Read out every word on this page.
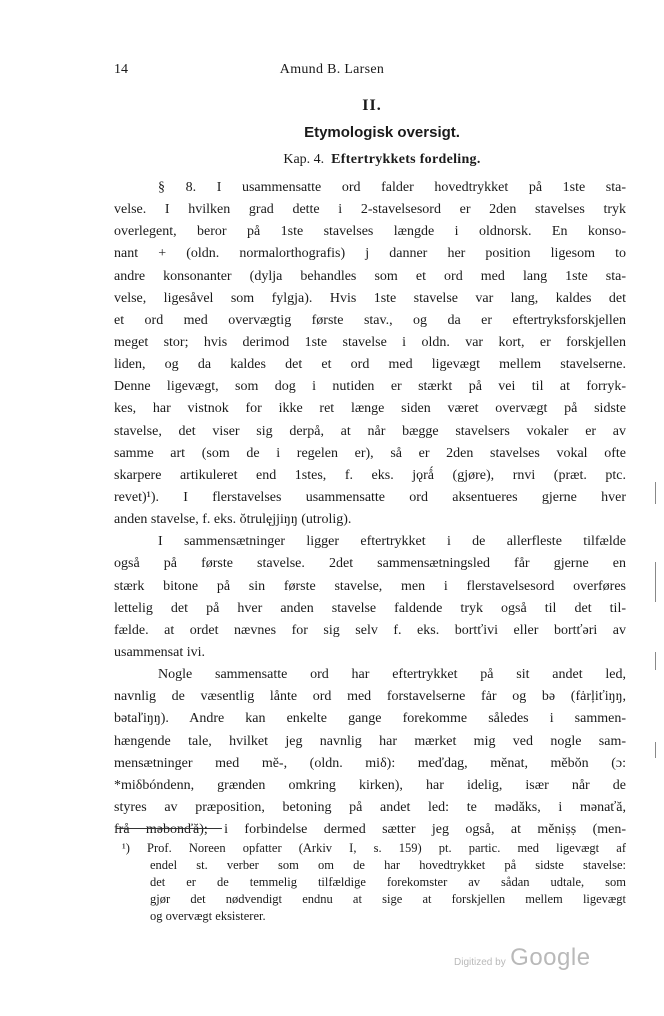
14	Amund B. Larsen
II.
Etymologisk oversigt.
Kap. 4. Eftertrykkets fordeling.
§ 8. I usammensatte ord falder hovedtrykket på 1ste sta-
velse. I hvilken grad dette i 2-stavelsesord er 2den stavelses tryk
overlegent, beror på 1ste stavelses længde i oldnorsk. En konso-
nant + (oldn. normalorthografis) j danner her position ligesom to
andre konsonanter (dylja behandles som et ord med lang 1ste sta-
velse, ligesåvel som fylgja). Hvis 1ste stavelse var lang, kaldes det
et ord med overvægtig første stav., og da er eftertryksforskjellen
meget stor; hvis derimod 1ste stavelse i oldn. var kort, er forskjellen
liden, og da kaldes det et ord med ligevægt mellem stavelserne.
Denne ligevægt, som dog i nutiden er stærkt på vei til at forryk-
kes, har vistnok for ikke ret længe siden været overvægt på sidste
stavelse, det viser sig derpå, at når bægge stavelsers vokaler er av
samme art (som de i regelen er), så er 2den stavelses vokal ofte
skarpere artikuleret end 1stes, f. eks. jǫrǻ (gjøre), rnvi (præt. ptc.
revet)¹). I flerstavelses usammensatte ord aksentueres gjerne hver
anden stavelse, f. eks. ŏtrulęjjiŋŋ (utrolig).
I sammensætninger ligger eftertrykket i de allerfleste tilfælde
også på første stavelse. 2det sammensætningsled får gjerne en
stærk bitone på sin første stavelse, men i flerstavelsesord overføres
lettelig det på hver anden stavelse faldende tryk også til det til-
fælde. at ordet nævnes for sig selv f. eks. bortťivi eller bortťəri av
usammensat ivi.
Nogle sammensatte ord har eftertrykket på sit andet led,
navnlig de væsentlig lånte ord med forstavelserne fȧr og bə (fȧrļiťiŋŋ,
bətaľiŋŋ). Andre kan enkelte gange forekomme således i sammen-
hængende tale, hvilket jeg navnlig har mærket mig ved nogle sam-
mensætninger med mĕ-, (oldn. miδ): meďdag, mĕnat, mĕbŏn (ɔ:
*miδbóndenn, grænden omkring kirken), har idelig, især når de
styres av præposition, betoning på andet led: te mədăks, i mənaťă,
frå məbonďă); i forbindelse dermed sætter jeg også, at mĕniṣṣ (men-
¹) Prof. Noreen opfatter (Arkiv I, s. 159) pt. partic. med ligevægt af
endel st. verber som om de har hovedtrykket på sidste stavelse:
det er de temmelig tilfældige forekomster av sådan udtale, som
gjør det nødvendigt endnu at sige at forskjellen mellem ligevægt
og overvægt eksisterer.
Digitized by Google
